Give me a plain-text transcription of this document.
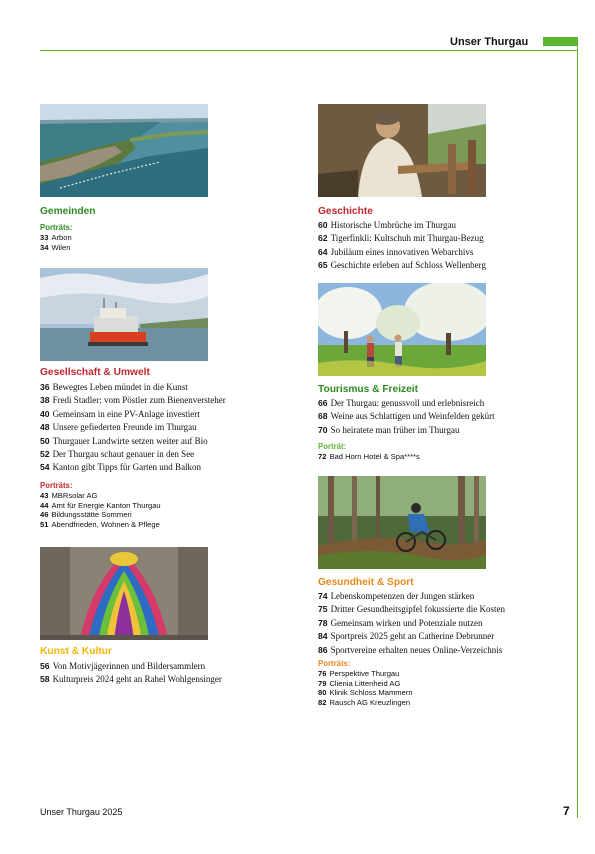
Unser Thurgau
Gemeinden
Porträts:
33 Arbon
34 Wilen
Gesellschaft & Umwelt
36 Bewegtes Leben mündet in die Kunst
38 Fredi Stadler: vom Pöstler zum Bienenversteher
40 Gemeinsam in eine PV-Anlage investiert
48 Unsere gefiederten Freunde im Thurgau
50 Thurgauer Landwirte setzen weiter auf Bio
52 Der Thurgau schaut genauer in den See
54 Kanton gibt Tipps für Garten und Balkon
Porträts:
43 MBRsolar AG
44 Amt für Energie Kanton Thurgau
46 Bildungsstätte Sommeri
51 Abendfrieden, Wohnen & Pflege
Kunst & Kultur
56 Von Motivjägerinnen und Bildersammlern
58 Kulturpreis 2024 geht an Rahel Wohlgensinger
Geschichte
60 Historische Umbrüche im Thurgau
62 Tigerfinkli: Kultschuh mit Thurgau-Bezug
64 Jubiläum eines innovativen Webarchivs
65 Geschichte erleben auf Schloss Wellenberg
Tourismus & Freizeit
66 Der Thurgau: genussvoll und erlebnisreich
68 Weine aus Schlattigen und Weinfelden gekürt
70 So heiratete man früher im Thurgau
Porträt:
72 Bad Horn Hotel & Spa****s
Gesundheit & Sport
74 Lebenskompetenzen der Jungen stärken
75 Dritter Gesundheitsgipfel fokussierte die Kosten
78 Gemeinsam wirken und Potenziale nutzen
84 Sportpreis 2025 geht an Catherine Debrunner
86 Sportvereine erhalten neues Online-Verzeichnis
Porträts:
76 Perspektive Thurgau
79 Clienia Littenheid AG
80 Klinik Schloss Mammern
82 Rausch AG Kreuzlingen
Unser Thurgau 2025	7
